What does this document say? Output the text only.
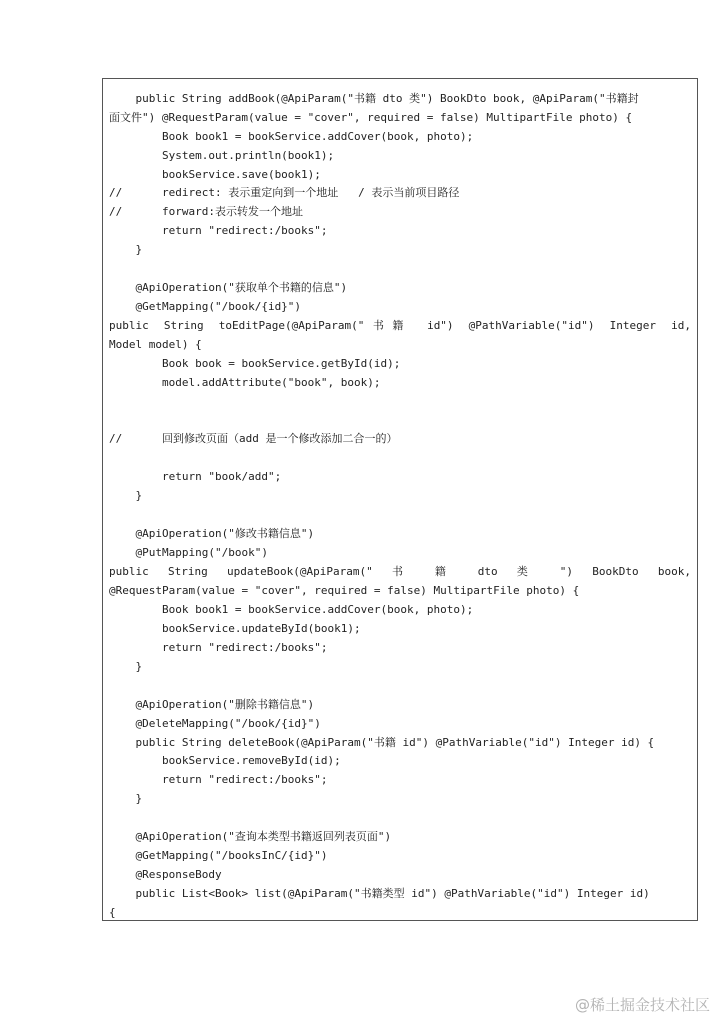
public String addBook(@ApiParam("书籍 dto 类") BookDto book, @ApiParam("书籍封
面文件") @RequestParam(value = "cover", required = false) MultipartFile photo) {
Book book1 = bookService.addCover(book, photo);
System.out.println(book1);
bookService.save(book1);
//      redirect: 表示重定向到一个地址   / 表示当前项目路径
//      forward:表示转发一个地址
return "redirect:/books";
}
@ApiOperation("获取单个书籍的信息")
@GetMapping("/book/{id}")
public String toEditPage(@ApiParam("书籍 id") @PathVariable("id") Integer id,
Model model) {
Book book = bookService.getById(id);
model.addAttribute("book", book);
//      回到修改页面（add 是一个修改添加二合一的）
return "book/add";
}
@ApiOperation("修改书籍信息")
@PutMapping("/book")
public String updateBook(@ApiParam(" 书 籍 dto 类 ") BookDto book,
@RequestParam(value = "cover", required = false) MultipartFile photo) {
Book book1 = bookService.addCover(book, photo);
bookService.updateById(book1);
return "redirect:/books";
}
@ApiOperation("删除书籍信息")
@DeleteMapping("/book/{id}")
public String deleteBook(@ApiParam("书籍 id") @PathVariable("id") Integer id) {
bookService.removeById(id);
return "redirect:/books";
}
@ApiOperation("查询本类型书籍返回列表页面")
@GetMapping("/booksInC/{id}")
@ResponseBody
public List<Book> list(@ApiParam("书籍类型 id") @PathVariable("id") Integer id)
{
@稀土掘金技术社区
